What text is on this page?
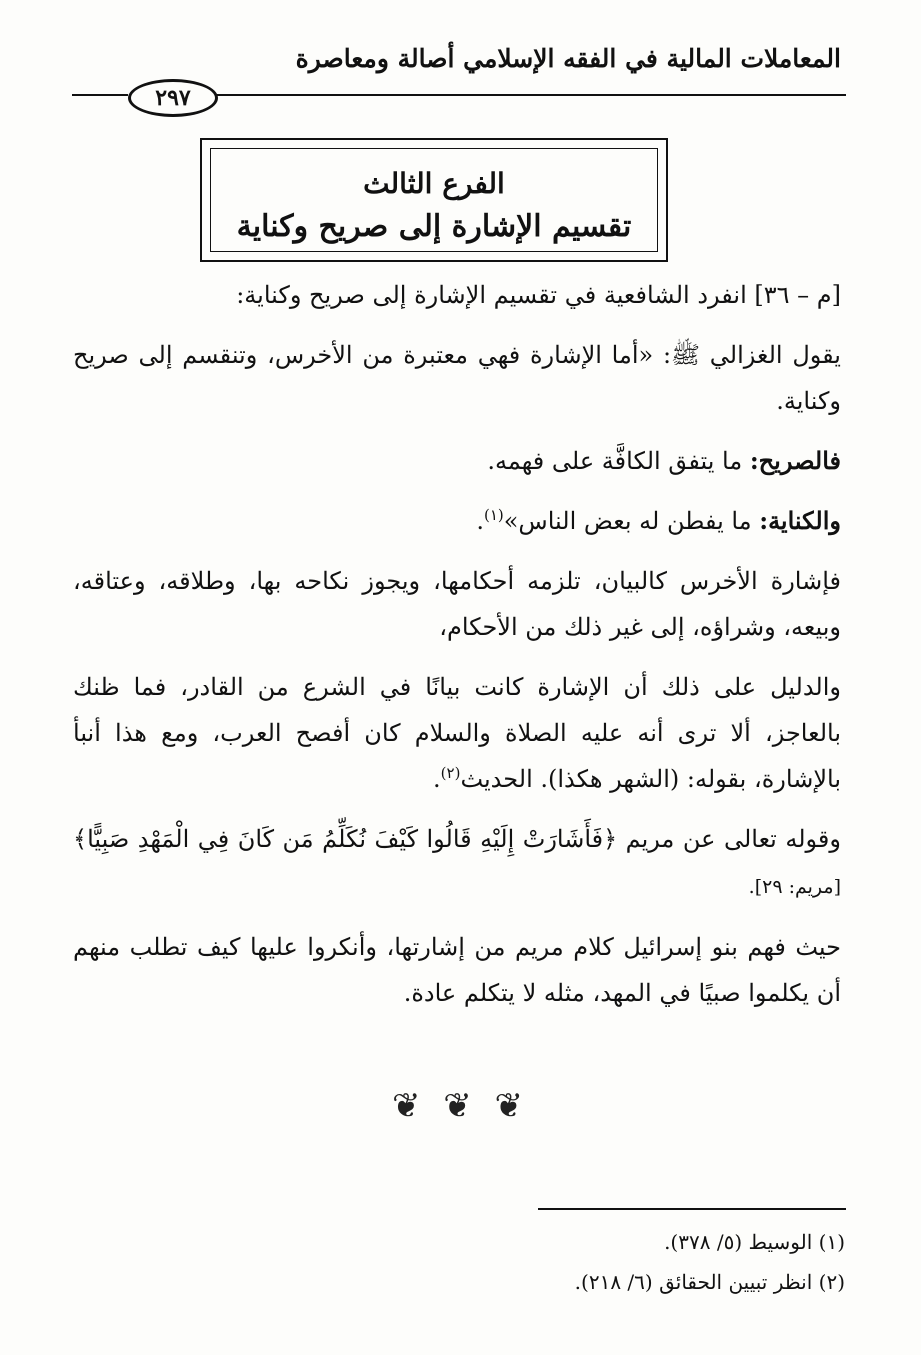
المعاملات المالية في الفقه الإسلامي أصالة ومعاصرة
٢٩٧
الفرع الثالث
تقسيم الإشارة إلى صريح وكناية

[م – ٣٦] انفرد الشافعية في تقسيم الإشارة إلى صريح وكناية:

يقول الغزالي ﷺ: «أما الإشارة فهي معتبرة من الأخرس، وتنقسم إلى صريح وكناية.

فالصريح: ما يتفق الكافَّة على فهمه.

والكناية: ما يفطن له بعض الناس»$^{(١)}$.

فإشارة الأخرس كالبيان، تلزمه أحكامها، ويجوز نكاحه بها، وطلاقه، وعتاقه، وبيعه، وشراؤه، إلى غير ذلك من الأحكام،

والدليل على ذلك أن الإشارة كانت بيانًا في الشرع من القادر، فما ظنك بالعاجز، ألا ترى أنه عليه الصلاة والسلام كان أفصح العرب، ومع هذا أنبأ بالإشارة، بقوله: (الشهر هكذا). الحديث$^{(٢)}$.

وقوله تعالى عن مريم ﴿فَأَشَارَتْ إِلَيْهِ قَالُوا كَيْفَ نُكَلِّمُ مَن كَانَ فِي الْمَهْدِ صَبِيًّا﴾ [مريم: ٢٩].

حيث فهم بنو إسرائيل كلام مريم من إشارتها، وأنكروا عليها كيف تطلب منهم أن يكلموا صبيًا في المهد، مثله لا يتكلم عادة.

❦ ❦ ❦

(١) الوسيط (٥/ ٣٧٨).

(٢) انظر تبيين الحقائق (٦/ ٢١٨).
